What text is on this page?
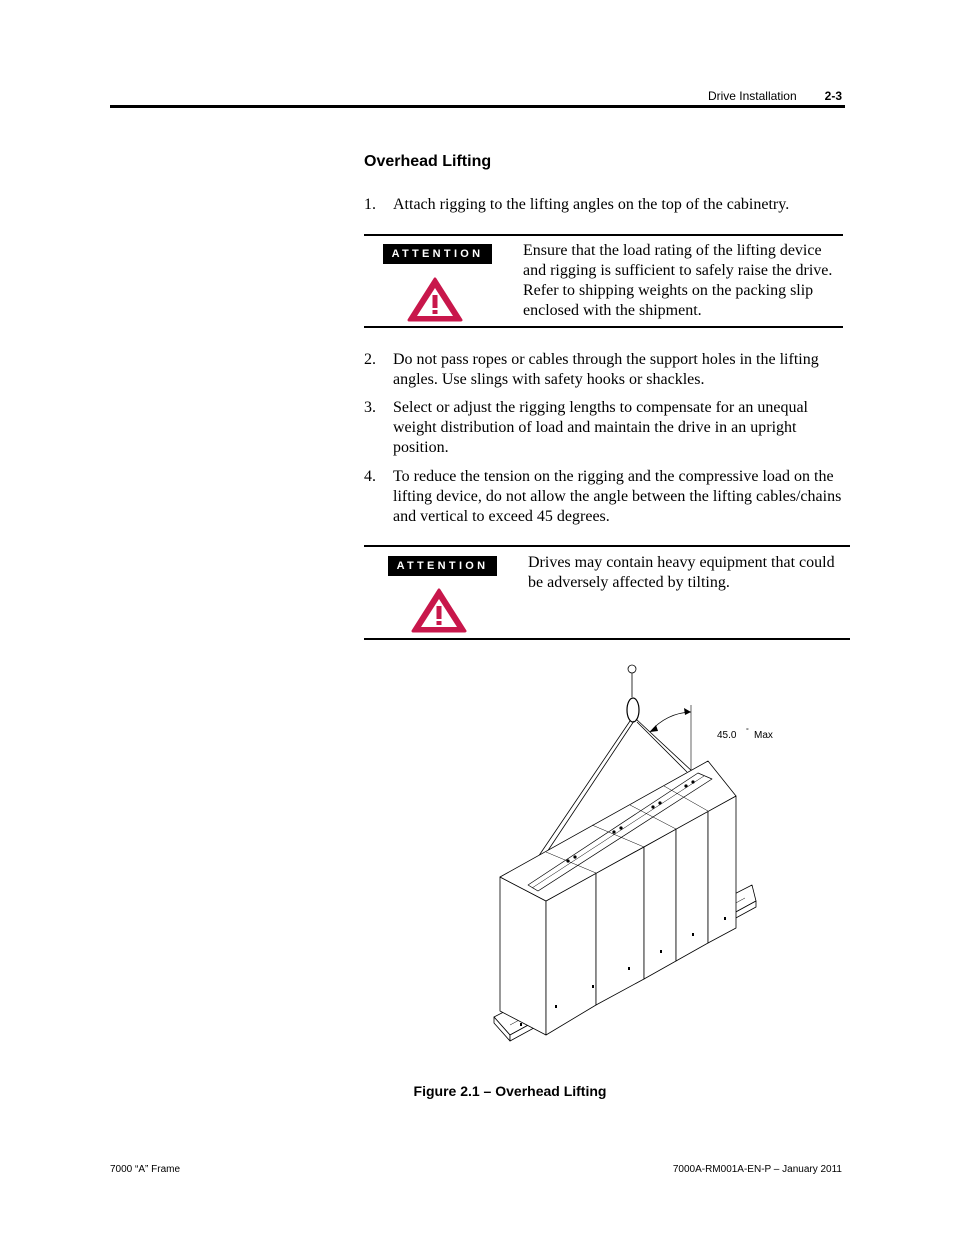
Drive Installation 2-3
Overhead Lifting
1. Attach rigging to the lifting angles on the top of the cabinetry.
ATTENTION	Ensure that the load rating of the lifting device and rigging is sufficient to safely raise the drive. Refer to shipping weights on the packing slip enclosed with the shipment.
2. Do not pass ropes or cables through the support holes in the lifting angles. Use slings with safety hooks or shackles.
3. Select or adjust the rigging lengths to compensate for an unequal weight distribution of load and maintain the drive in an upright position.
4. To reduce the tension on the rigging and the compressive load on the lifting device, do not allow the angle between the lifting cables/chains and vertical to exceed 45 degrees.
ATTENTION	Drives may contain heavy equipment that could be adversely affected by tilting.
45.0 ° Max
Figure 2.1 – Overhead Lifting
7000 “A” Frame	7000A-RM001A-EN-P – January 2011
